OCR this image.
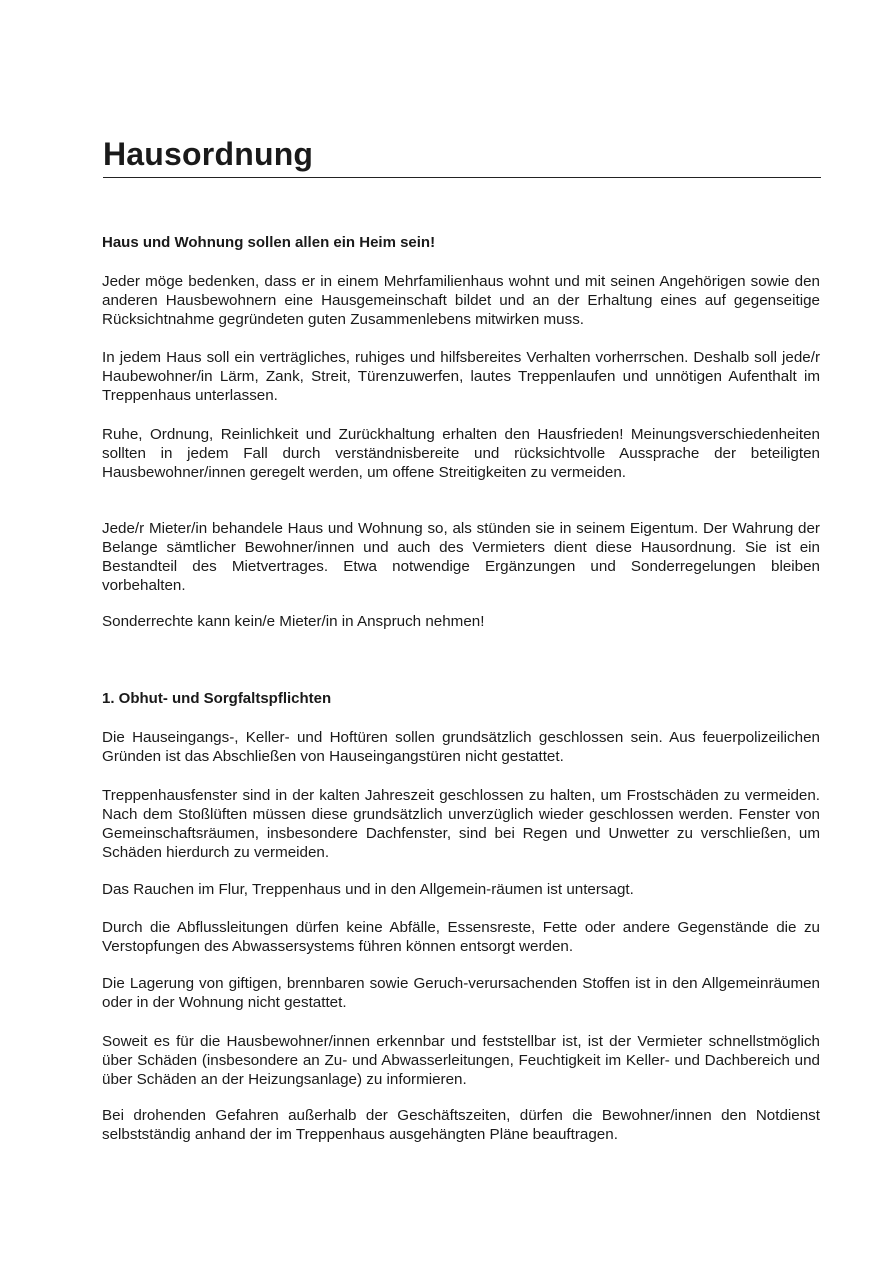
Hausordnung
Haus und Wohnung sollen allen ein Heim sein!

Jeder möge bedenken, dass er in einem Mehrfamilienhaus wohnt und mit seinen Angehörigen sowie den anderen Hausbewohnern eine Hausgemeinschaft bildet und an der Erhaltung eines auf gegenseitige Rücksichtnahme gegründeten guten Zusammenlebens mitwirken muss.

In jedem Haus soll ein verträgliches, ruhiges und hilfsbereites Verhalten vorherrschen. Deshalb soll jede/r Haubewohner/in Lärm, Zank, Streit, Türenzuwerfen, lautes Treppenlaufen und unnötigen Aufenthalt im Treppenhaus unterlassen.

Ruhe, Ordnung, Reinlichkeit und Zurückhaltung erhalten den Hausfrieden! Meinungsverschiedenheiten sollten in jedem Fall durch verständnisbereite und rücksichtvolle Aussprache der beteiligten Hausbewohner/innen geregelt werden, um offene Streitigkeiten zu vermeiden.

Jede/r Mieter/in behandele Haus und Wohnung so, als stünden sie in seinem Eigentum. Der Wahrung der Belange sämtlicher Bewohner/innen und auch des Vermieters dient diese Hausordnung. Sie ist ein Bestandteil des Mietvertrages. Etwa notwendige Ergänzungen und Sonderregelungen bleiben vorbehalten.

Sonderrechte kann kein/e Mieter/in in Anspruch nehmen!

1. Obhut- und Sorgfaltspflichten

Die Hauseingangs-, Keller- und Hoftüren sollen grundsätzlich geschlossen sein. Aus feuerpolizeilichen Gründen ist das Abschließen von Hauseingangstüren nicht gestattet.

Treppenhausfenster sind in der kalten Jahreszeit geschlossen zu halten, um Frostschäden zu vermeiden. Nach dem Stoßlüften müssen diese grundsätzlich unverzüglich wieder geschlossen werden. Fenster von Gemeinschaftsräumen, insbesondere Dachfenster, sind bei Regen und Unwetter zu verschließen, um Schäden hierdurch zu vermeiden.

Das Rauchen im Flur, Treppenhaus und in den Allgemein-räumen ist untersagt.

Durch die Abflussleitungen dürfen keine Abfälle, Essensreste, Fette oder andere Gegenstände die zu Verstopfungen des Abwassersystems führen können entsorgt werden.

Die Lagerung von giftigen, brennbaren sowie Geruch-verursachenden Stoffen ist in den Allgemeinräumen oder in der Wohnung nicht gestattet.

Soweit es für die Hausbewohner/innen erkennbar und feststellbar ist, ist der Vermieter schnellstmöglich über Schäden (insbesondere an Zu- und Abwasserleitungen, Feuchtigkeit im Keller- und Dachbereich und über Schäden an der Heizungsanlage) zu informieren.

Bei drohenden Gefahren außerhalb der Geschäftszeiten, dürfen die Bewohner/innen den Notdienst selbstständig anhand der im Treppenhaus ausgehängten Pläne beauftragen.
